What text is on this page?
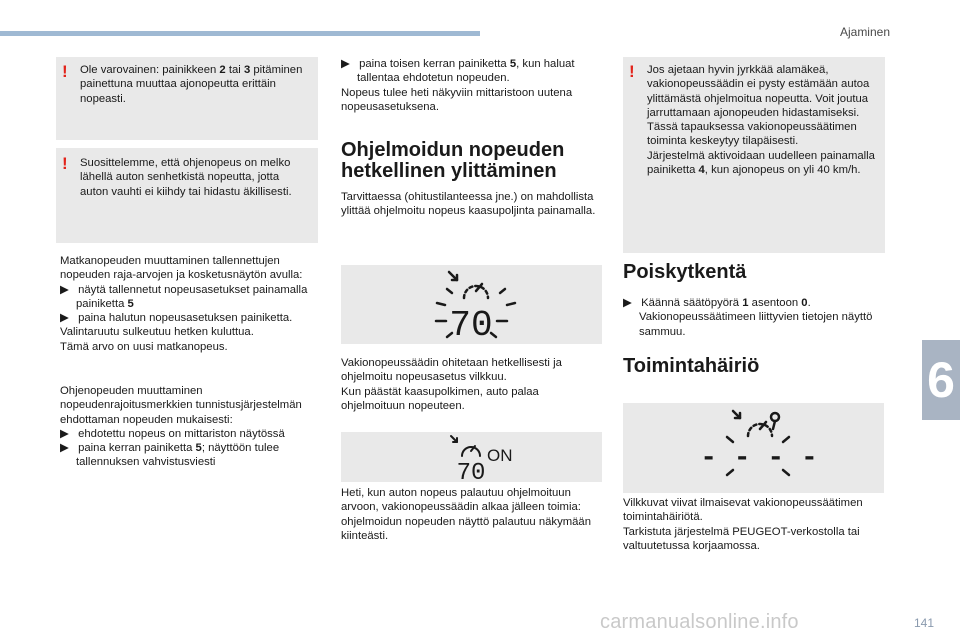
Ajaminen
6
141
carmanualsonline.info
! Ole varovainen: painikkeen 2 tai 3 pitäminen painettuna muuttaa ajonopeutta erittäin nopeasti.
! Suosittelemme, että ohjenopeus on melko lähellä auton senhetkistä nopeutta, jotta auton vauhti ei kiihdy tai hidastu äkillisesti.

Matkanopeuden muuttaminen tallennettujen nopeuden raja-arvojen ja kosketusnäytön avulla:

▶︎   näytä tallennetut nopeusasetukset painamalla painiketta 5

▶︎   paina halutun nopeusasetuksen painiketta.

Valintaruutu sulkeutuu hetken kuluttua.

Tämä arvo on uusi matkanopeus.

Ohjenopeuden muuttaminen nopeudenrajoitusmerkkien tunnistusjärjestelmän ehdottaman nopeuden mukaisesti:

▶︎   ehdotettu nopeus on mittariston näytössä

▶︎   paina kerran painiketta 5; näyttöön tulee tallennuksen vahvistusviesti

▶︎   paina toisen kerran painiketta 5, kun haluat tallentaa ehdotetun nopeuden.

Nopeus tulee heti näkyviin mittaristoon uutena nopeusasetuksena.

Ohjelmoidun nopeuden hetkellinen ylittäminen
Tarvittaessa (ohitustilanteessa jne.) on mahdollista ylittää ohjelmoitu nopeus kaasupoljinta painamalla.
70

Vakionopeussäädin ohitetaan hetkellisesti ja ohjelmoitu nopeusasetus vilkkuu.

Kun päästät kaasupolkimen, auto palaa ohjelmoituun nopeuteen.

70
ON
Heti, kun auton nopeus palautuu ohjelmoituun arvoon, vakionopeussäädin alkaa jälleen toimia: ohjelmoidun nopeuden näyttö palautuu näkymään kiinteästi.
! Jos ajetaan hyvin jyrkkää alamäkeä, vakionopeussäädin ei pysty estämään autoa ylittämästä ohjelmoitua nopeutta. Voit joutua jarruttamaan ajonopeuden hidastamiseksi. Tässä tapauksessa vakionopeussäätimen toiminta keskeytyy tilapäisesti.

Järjestelmä aktivoidaan uudelleen painamalla painiketta 4, kun ajonopeus on yli 40 km/h.

Poiskytkentä

▶︎   Käännä säätöpyörä 1 asentoon 0.
Vakionopeussäätimeen liittyvien tietojen näyttö sammuu.

Toimintahäiriö
- - - -

Vilkkuvat viivat ilmaisevat vakionopeussäätimen toimintahäiriötä.

Tarkistuta järjestelmä PEUGEOT-verkostolla tai valtuutetussa korjaamossa.
